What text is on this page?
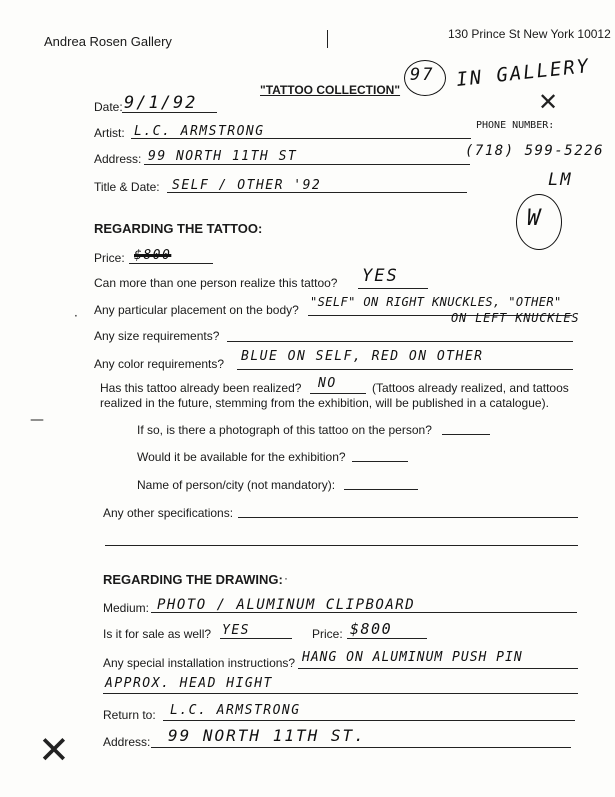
Andrea Rosen Gallery	130 Prince St New York 10012
"TATTOO COLLECTION"
97 IN GALLERY
Date: 9/1/92
Artist: L.C. ARMSTRONG	PHONE NUMBER:
✕
(718) 599-5226
Address: 99 NORTH 11TH ST
Title & Date: SELF / OTHER '92	LM
W
REGARDING THE TATTOO:
Price: $800
Can more than one person realize this tattoo? YES
Any particular placement on the body?
"SELF" ON RIGHT KNUCKLES, "OTHER"
ON LEFT KNUCKLES
Any size requirements?
Any color requirements? BLUE ON SELF, RED ON OTHER
Has this tattoo already been realized? NO	(Tattoos already realized, and tattoos
realized in the future, stemming from the exhibition, will be published in a catalogue).
If so, is there a photograph of this tattoo on the person?
Would it be available for the exhibition?
Name of person/city (not mandatory):
Any other specifications:
REGARDING THE DRAWING: ·
Medium: PHOTO / ALUMINUM CLIPBOARD
Is it for sale as well? YES	Price: $800
Any special installation instructions? HANG ON ALUMINUM PUSH PIN
APPROX. HEAD HIGHT
Return to: L.C. ARMSTRONG
Address: 99 NORTH 11TH ST.
✕
—
·
